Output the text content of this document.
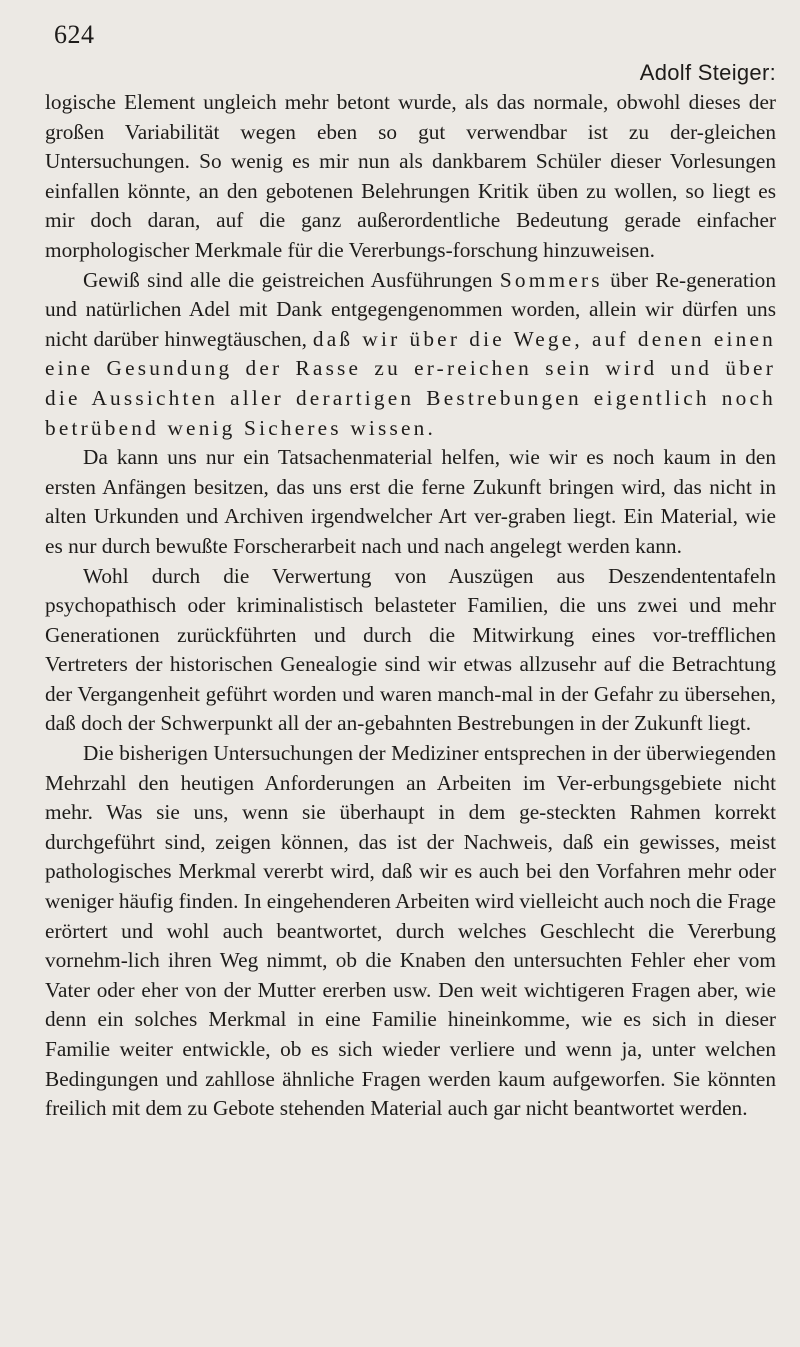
624
Adolf Steiger:

logische Element ungleich mehr betont wurde, als das normale, obwohl dieses der großen Variabilität wegen eben so gut verwendbar ist zu der-gleichen Untersuchungen. So wenig es mir nun als dankbarem Schüler dieser Vorlesungen einfallen könnte, an den gebotenen Belehrungen Kritik üben zu wollen, so liegt es mir doch daran, auf die ganz außerordentliche Bedeutung gerade einfacher morphologischer Merkmale für die Vererbungs-forschung hinzuweisen.

Gewiß sind alle die geistreichen Ausführungen Sommers über Re-generation und natürlichen Adel mit Dank entgegengenommen worden, allein wir dürfen uns nicht darüber hinwegtäuschen, daß wir über die Wege, auf denen einen eine Gesundung der Rasse zu er-reichen sein wird und über die Aussichten aller derartigen Bestrebungen eigentlich noch betrübend wenig Sicheres wissen.

Da kann uns nur ein Tatsachenmaterial helfen, wie wir es noch kaum in den ersten Anfängen besitzen, das uns erst die ferne Zukunft bringen wird, das nicht in alten Urkunden und Archiven irgendwelcher Art ver-graben liegt. Ein Material, wie es nur durch bewußte Forscherarbeit nach und nach angelegt werden kann.

Wohl durch die Verwertung von Auszügen aus Deszendententafeln psychopathisch oder kriminalistisch belasteter Familien, die uns zwei und mehr Generationen zurückführten und durch die Mitwirkung eines vor-trefflichen Vertreters der historischen Genealogie sind wir etwas allzusehr auf die Betrachtung der Vergangenheit geführt worden und waren manch-mal in der Gefahr zu übersehen, daß doch der Schwerpunkt all der an-gebahnten Bestrebungen in der Zukunft liegt.

Die bisherigen Untersuchungen der Mediziner entsprechen in der überwiegenden Mehrzahl den heutigen Anforderungen an Arbeiten im Ver-erbungsgebiete nicht mehr. Was sie uns, wenn sie überhaupt in dem ge-steckten Rahmen korrekt durchgeführt sind, zeigen können, das ist der Nachweis, daß ein gewisses, meist pathologisches Merkmal vererbt wird, daß wir es auch bei den Vorfahren mehr oder weniger häufig finden. In eingehenderen Arbeiten wird vielleicht auch noch die Frage erörtert und wohl auch beantwortet, durch welches Geschlecht die Vererbung vornehm-lich ihren Weg nimmt, ob die Knaben den untersuchten Fehler eher vom Vater oder eher von der Mutter ererben usw. Den weit wichtigeren Fragen aber, wie denn ein solches Merkmal in eine Familie hineinkomme, wie es sich in dieser Familie weiter entwickle, ob es sich wieder verliere und wenn ja, unter welchen Bedingungen und zahllose ähnliche Fragen werden kaum aufgeworfen. Sie könnten freilich mit dem zu Gebote stehenden Material auch gar nicht beantwortet werden.
